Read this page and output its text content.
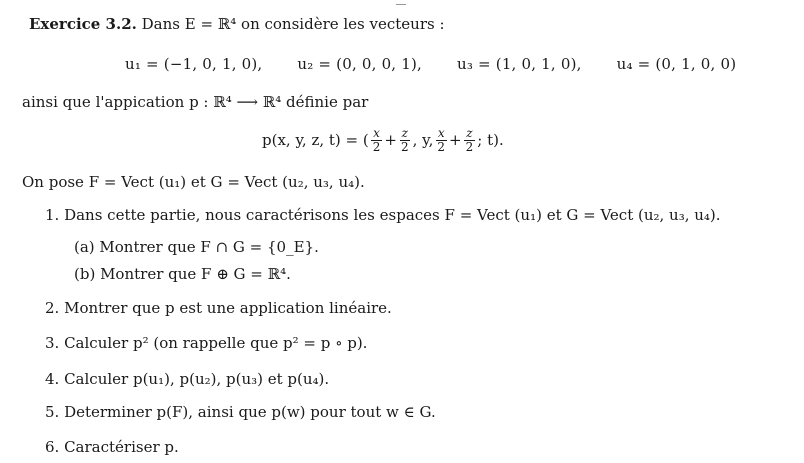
Exercice 3.2. Dans E = ℝ⁴ on considère les vecteurs :
u₁ = (−1, 0, 1, 0), u₂ = (0, 0, 0, 1), u₃ = (1, 0, 1, 0), u₄ = (0, 1, 0, 0)
ainsi que l'appication p : ℝ⁴ ⟶ ℝ⁴ définie par
p(x, y, z, t) = ( $\frac{x}{2} + \frac{z}{2}$ , y, $\frac{x}{2} + \frac{z}{2}$ ; t).
On pose F = Vect (u₁) et G = Vect (u₂, u₃, u₄).
1. Dans cette partie, nous caractérisons les espaces F = Vect (u₁) et G = Vect (u₂, u₃, u₄).
(a) Montrer que F ∩ G = {0_E}.
(b) Montrer que F ⊕ G = ℝ⁴.
2. Montrer que p est une application linéaire.
3. Calculer p² (on rappelle que p² = p ∘ p).
4. Calculer p(u₁), p(u₂), p(u₃) et p(u₄).
5. Determiner p(F), ainsi que p(w) pour tout w ∈ G.
6. Caractériser p.
